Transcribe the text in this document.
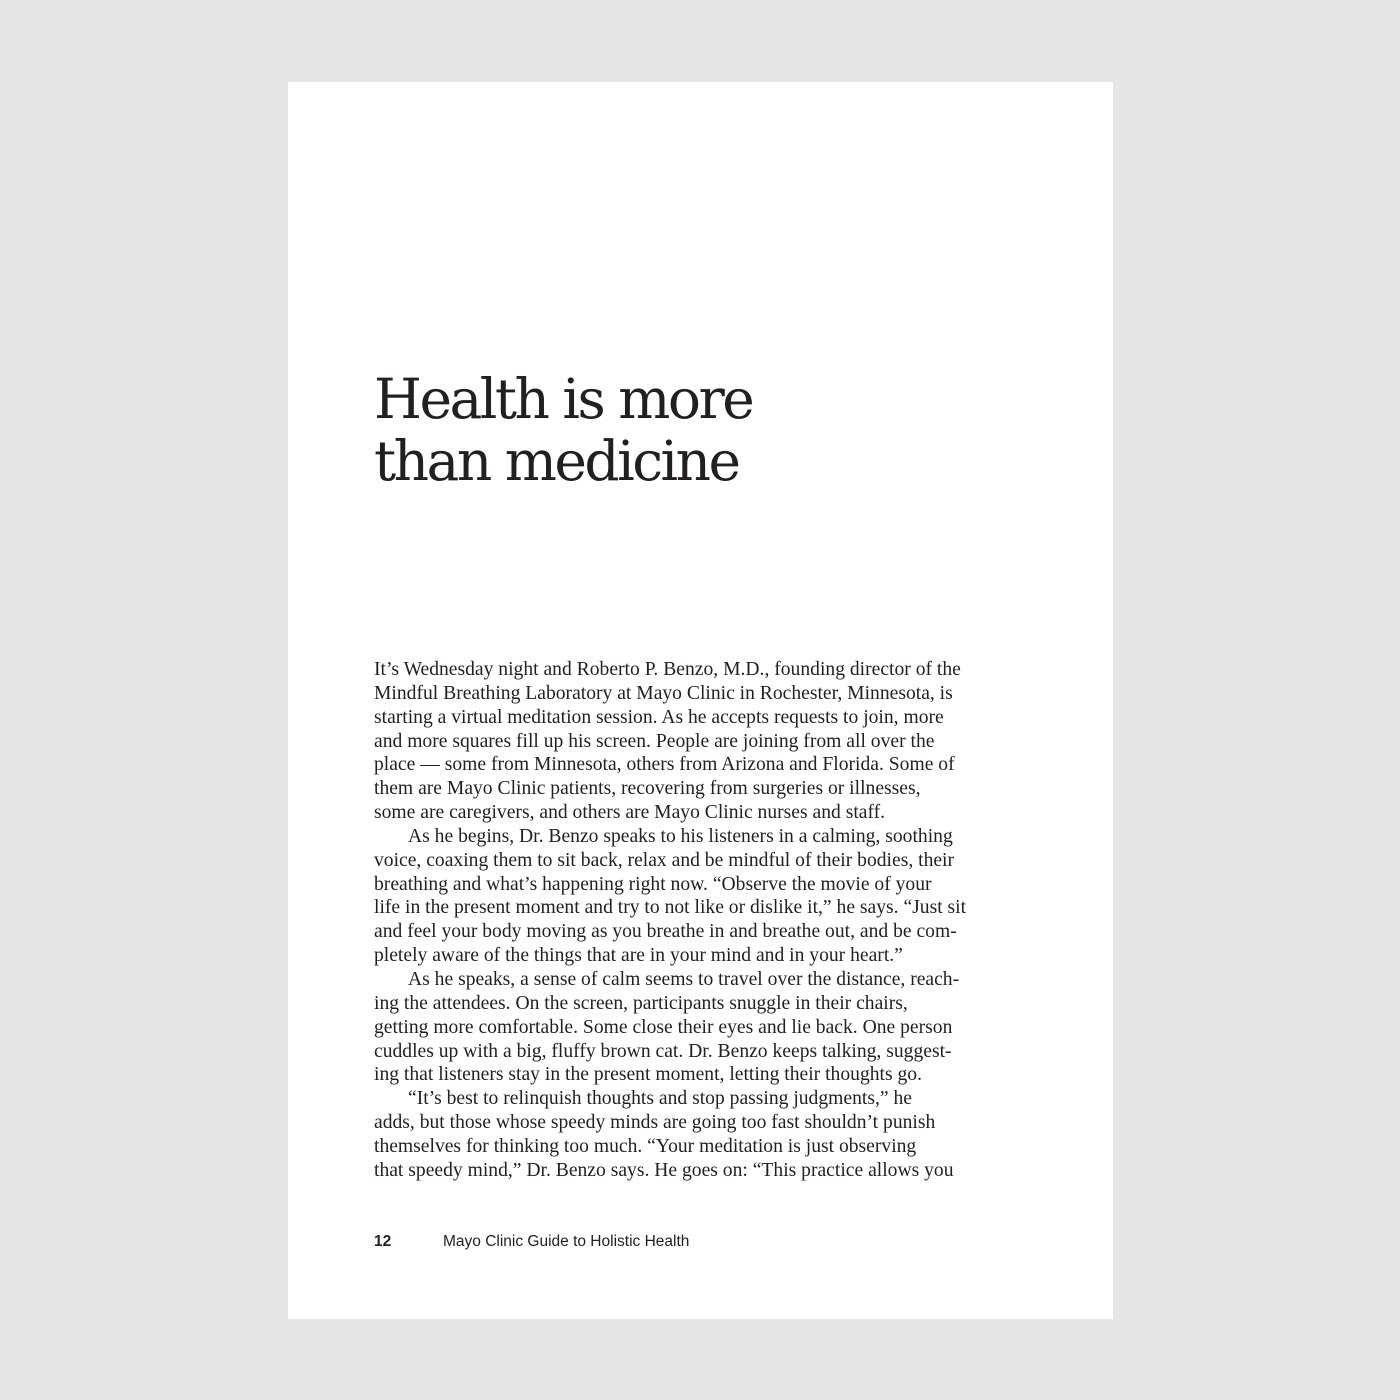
Health is more
than medicine
It’s Wednesday night and Roberto P. Benzo, M.D., founding director of the
Mindful Breathing Laboratory at Mayo Clinic in Rochester, Minnesota, is
starting a virtual meditation session. As he accepts requests to join, more
and more squares fill up his screen. People are joining from all over the
place — some from Minnesota, others from Arizona and Florida. Some of
them are Mayo Clinic patients, recovering from surgeries or illnesses,
some are caregivers, and others are Mayo Clinic nurses and staff.
As he begins, Dr. Benzo speaks to his listeners in a calming, soothing
voice, coaxing them to sit back, relax and be mindful of their bodies, their
breathing and what’s happening right now. “Observe the movie of your
life in the present moment and try to not like or dislike it,” he says. “Just sit
and feel your body moving as you breathe in and breathe out, and be com-
pletely aware of the things that are in your mind and in your heart.”
As he speaks, a sense of calm seems to travel over the distance, reach-
ing the attendees. On the screen, participants snuggle in their chairs,
getting more comfortable. Some close their eyes and lie back. One person
cuddles up with a big, fluffy brown cat. Dr. Benzo keeps talking, suggest-
ing that listeners stay in the present moment, letting their thoughts go.
“It’s best to relinquish thoughts and stop passing judgments,” he
adds, but those whose speedy minds are going too fast shouldn’t punish
themselves for thinking too much. “Your meditation is just observing
that speedy mind,” Dr. Benzo says. He goes on: “This practice allows you
12	Mayo Clinic Guide to Holistic Health
